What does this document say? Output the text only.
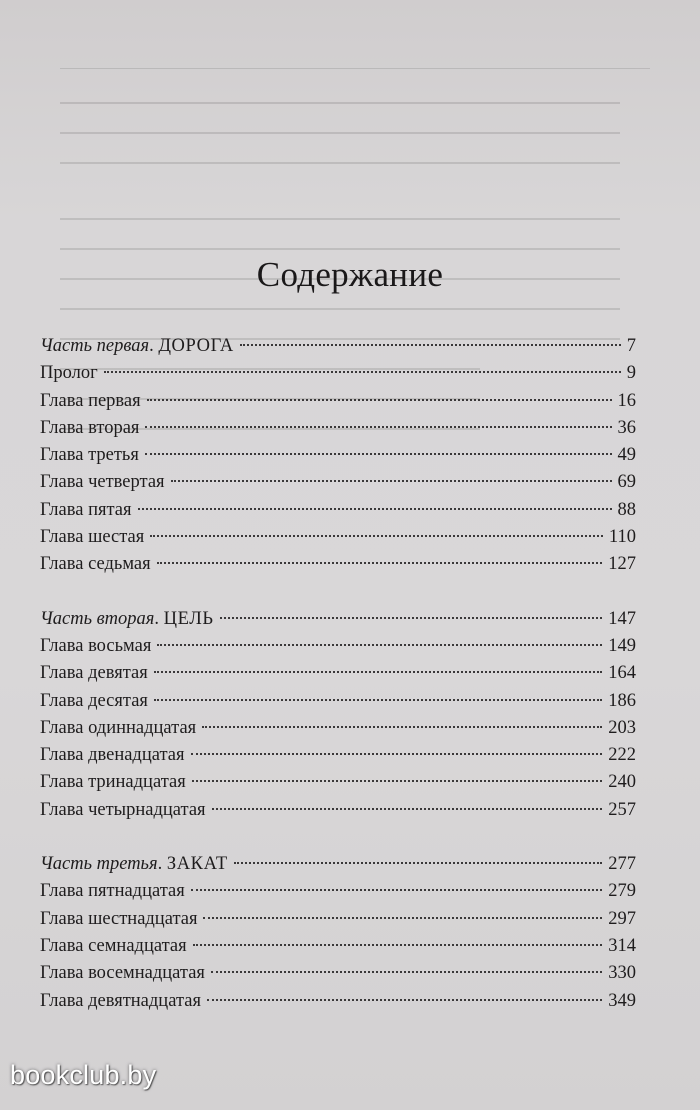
Содержание
Часть первая. ДОРОГА	7
Пролог	9
Глава первая	16
Глава вторая	36
Глава третья	49
Глава четвертая	69
Глава пятая	88
Глава шестая	110
Глава седьмая	127
Часть вторая. ЦЕЛЬ	147
Глава восьмая	149
Глава девятая	164
Глава десятая	186
Глава одиннадцатая	203
Глава двенадцатая	222
Глава тринадцатая	240
Глава четырнадцатая	257
Часть третья. ЗАКАТ	277
Глава пятнадцатая	279
Глава шестнадцатая	297
Глава семнадцатая	314
Глава восемнадцатая	330
Глава девятнадцатая	349
bookclub.by
